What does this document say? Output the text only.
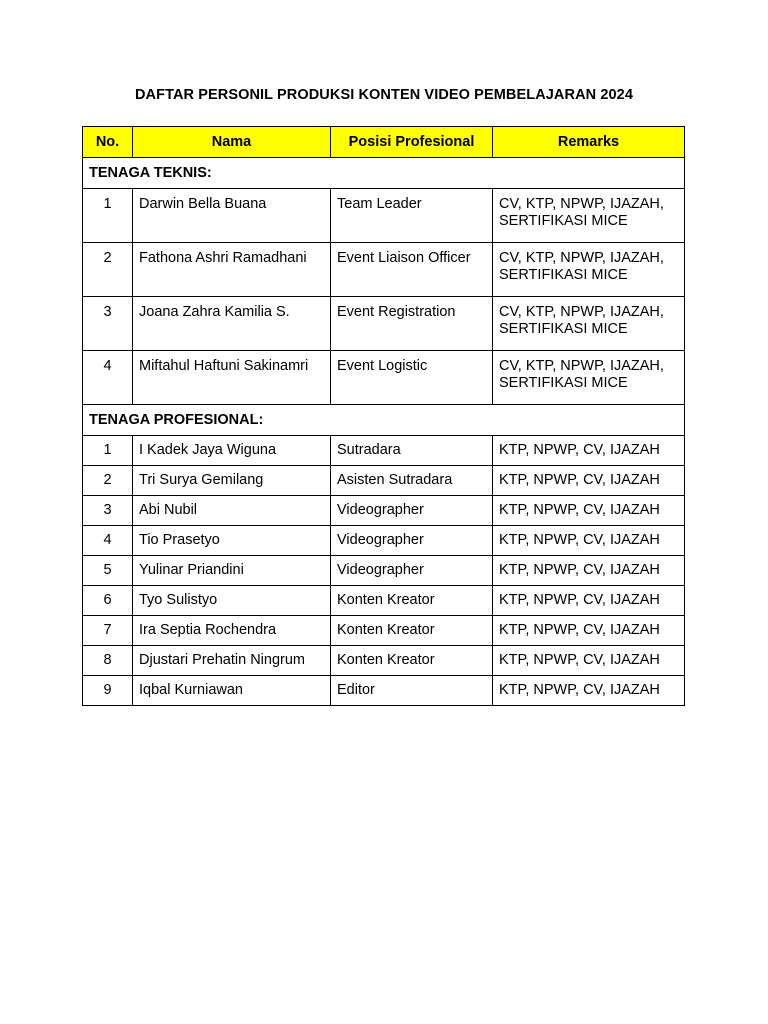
DAFTAR PERSONIL PRODUKSI KONTEN VIDEO PEMBELAJARAN 2024
No.	Nama	Posisi Profesional	Remarks
TENAGA TEKNIS:			
1	Darwin Bella Buana	Team Leader	CV, KTP, NPWP, IJAZAH,
SERTIFIKASI MICE

2	Fathona Ashri Ramadhani	Event Liaison Officer	CV, KTP, NPWP, IJAZAH,
SERTIFIKASI MICE

3	Joana Zahra Kamilia S.	Event Registration	CV, KTP, NPWP, IJAZAH,
SERTIFIKASI MICE

4	Miftahul Haftuni Sakinamri	Event Logistic	CV, KTP, NPWP, IJAZAH,
SERTIFIKASI MICE

TENAGA PROFESIONAL:			
1	I Kadek Jaya Wiguna	Sutradara	KTP, NPWP, CV, IJAZAH
2	Tri Surya Gemilang	Asisten Sutradara	KTP, NPWP, CV, IJAZAH
3	Abi Nubil	Videographer	KTP, NPWP, CV, IJAZAH
4	Tio Prasetyo	Videographer	KTP, NPWP, CV, IJAZAH
5	Yulinar Priandini	Videographer	KTP, NPWP, CV, IJAZAH
6	Tyo Sulistyo	Konten Kreator	KTP, NPWP, CV, IJAZAH
7	Ira Septia Rochendra	Konten Kreator	KTP, NPWP, CV, IJAZAH
8	Djustari Prehatin Ningrum	Konten Kreator	KTP, NPWP, CV, IJAZAH
9	Iqbal Kurniawan	Editor	KTP, NPWP, CV, IJAZAH
